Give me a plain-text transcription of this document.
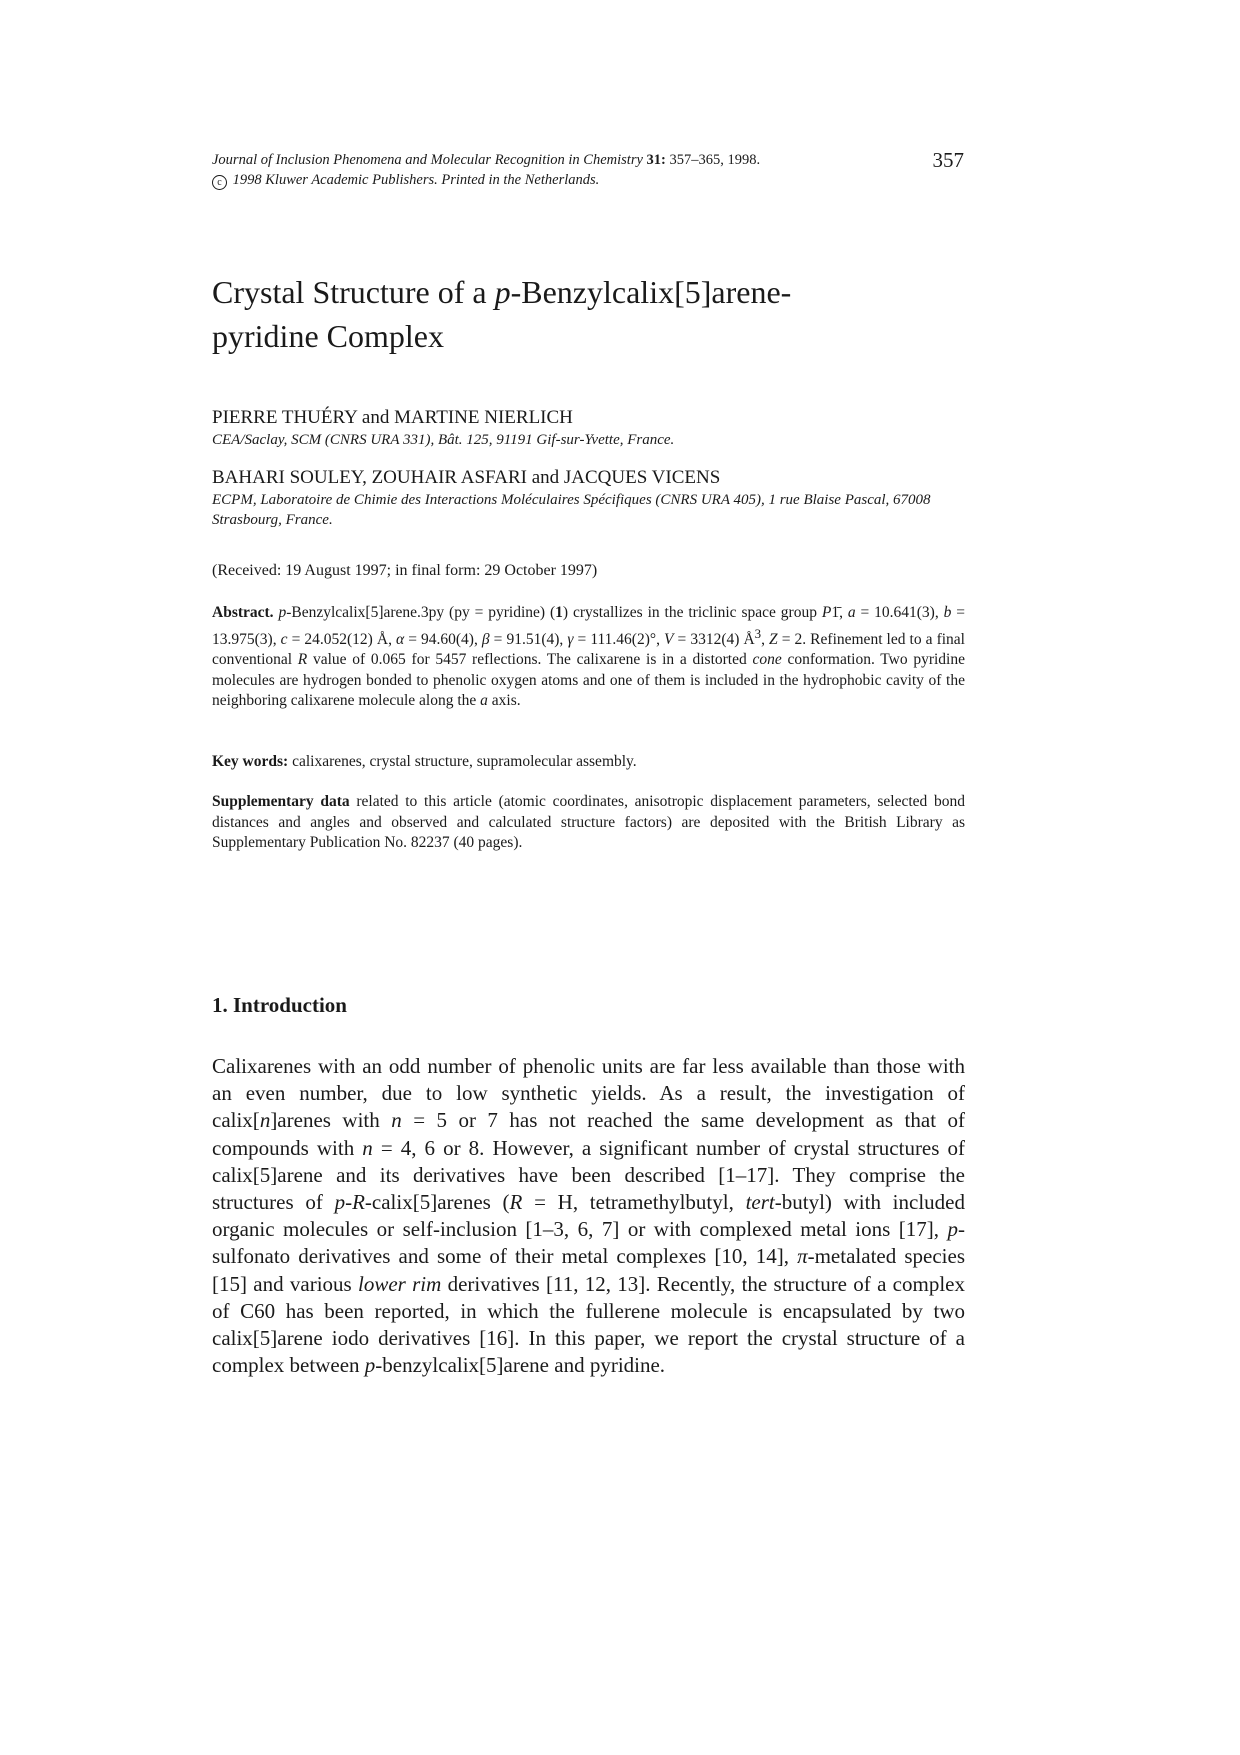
Journal of Inclusion Phenomena and Molecular Recognition in Chemistry 31: 357–365, 1998.
c 1998 Kluwer Academic Publishers. Printed in the Netherlands.
357
Crystal Structure of a p-Benzylcalix[5]arene-
pyridine Complex
PIERRE THUÉRY and MARTINE NIERLICH
CEA/Saclay, SCM (CNRS URA 331), Bât. 125, 91191 Gif-sur-Yvette, France.
BAHARI SOULEY, ZOUHAIR ASFARI and JACQUES VICENS
ECPM, Laboratoire de Chimie des Interactions Moléculaires Spécifiques (CNRS URA 405), 1 rue Blaise Pascal, 67008 Strasbourg, France.
(Received: 19 August 1997; in final form: 29 October 1997)

Abstract. p-Benzylcalix[5]arene.3py (py = pyridine) (1) crystallizes in the triclinic space group P1̄, a = 10.641(3), b = 13.975(3), c = 24.052(12) Å, α = 94.60(4), β = 91.51(4), γ = 111.46(2)°, V = 3312(4) $Å^3$, Z = 2. Refinement led to a final conventional R value of 0.065 for 5457 reflections. The calixarene is in a distorted cone conformation. Two pyridine molecules are hydrogen bonded to phenolic oxygen atoms and one of them is included in the hydrophobic cavity of the neighboring calixarene molecule along the a axis.

Key words: calixarenes, crystal structure, supramolecular assembly.

Supplementary data related to this article (atomic coordinates, anisotropic displacement parameters, selected bond distances and angles and observed and calculated structure factors) are deposited with the British Library as Supplementary Publication No. 82237 (40 pages).

1. Introduction

Calixarenes with an odd number of phenolic units are far less available than those with an even number, due to low synthetic yields. As a result, the investigation of calix[n]arenes with n = 5 or 7 has not reached the same development as that of compounds with n = 4, 6 or 8. However, a significant number of crystal structures of calix[5]arene and its derivatives have been described [1–17]. They comprise the structures of p-R-calix[5]arenes (R = H, tetramethylbutyl, tert-butyl) with included organic molecules or self-inclusion [1–3, 6, 7] or with complexed metal ions [17], p-sulfonato derivatives and some of their metal complexes [10, 14], π-metalated species [15] and various lower rim derivatives [11, 12, 13]. Recently, the structure of a complex of C60 has been reported, in which the fullerene molecule is encapsulated by two calix[5]arene iodo derivatives [16]. In this paper, we report the crystal structure of a complex between p-benzylcalix[5]arene and pyridine.
